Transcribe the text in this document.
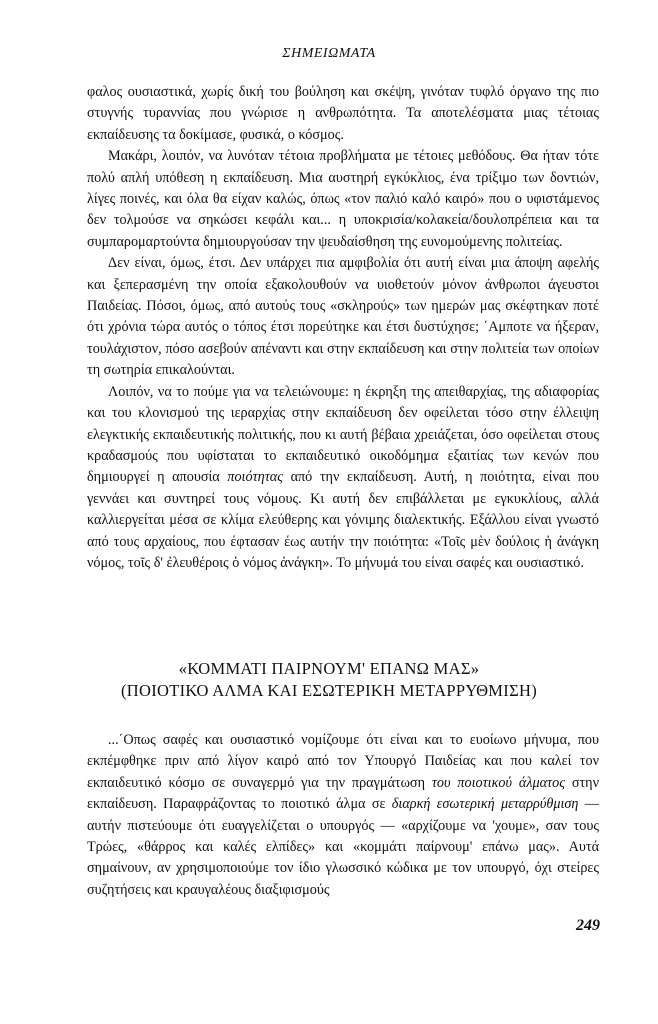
ΣΗΜΕΙΩΜΑΤΑ

φαλος ουσιαστικά, χωρίς δική του βούληση και σκέψη, γινόταν τυφλό όργανο της πιο στυγνής τυραννίας που γνώρισε η ανθρωπότητα. Τα αποτελέσματα μιας τέτοιας εκπαίδευσης τα δοκίμασε, φυσικά, ο κόσμος.

Μακάρι, λοιπόν, να λυνόταν τέτοια προβλήματα με τέτοιες μεθόδους. Θα ήταν τότε πολύ απλή υπόθεση η εκπαίδευση. Μια αυστηρή εγκύκλιος, ένα τρίξιμο των δοντιών, λίγες ποινές, και όλα θα είχαν καλώς, όπως «τον παλιό καλό καιρό» που ο υφιστάμενος δεν τολμούσε να σηκώσει κεφάλι και... η υποκρισία/κολακεία/δουλοπρέπεια και τα συμπαρομαρτούντα δημιουργούσαν την ψευδαίσθηση της ευνομούμενης πολιτείας.

Δεν είναι, όμως, έτσι. Δεν υπάρχει πια αμφιβολία ότι αυτή είναι μια άποψη αφελής και ξεπερασμένη την οποία εξακολουθούν να υιοθετούν μόνον άνθρωποι άγευστοι Παιδείας. Πόσοι, όμως, από αυτούς τους «σκληρούς» των ημερών μας σκέφτηκαν ποτέ ότι χρόνια τώρα αυτός ο τόπος έτσι πορεύτηκε και έτσι δυστύχησε; ΄Αμποτε να ήξεραν, τουλάχιστον, πόσο ασεβούν απέναντι και στην εκπαίδευση και στην πολιτεία των οποίων τη σωτηρία επικαλούνται.

Λοιπόν, να το πούμε για να τελειώνουμε: η έκρηξη της απειθαρχίας, της αδιαφορίας και του κλονισμού της ιεραρχίας στην εκπαίδευση δεν οφείλεται τόσο στην έλλειψη ελεγκτικής εκπαιδευτικής πολιτικής, που κι αυτή βέβαια χρειάζεται, όσο οφείλεται στους κραδασμούς που υφίσταται το εκπαιδευτικό οικοδόμημα εξαιτίας των κενών που δημιουργεί η απουσία ποιότητας από την εκπαίδευση. Αυτή, η ποιότητα, είναι που γεννάει και συντηρεί τους νόμους. Κι αυτή δεν επιβάλλεται με εγκυκλίους, αλλά καλλιεργείται μέσα σε κλίμα ελεύθερης και γόνιμης διαλεκτικής. Εξάλλου είναι γνωστό από τους αρχαίους, που έφτασαν έως αυτήν την ποιότητα: «Τοῖς μὲν δούλοις ἡ ἀνάγκη νόμος, τοῖς δ' ἐλευθέροις ὁ νόμος ἀνάγκη». Το μήνυμά του είναι σαφές και ουσιαστικό.

«ΚΟΜΜΑΤΙ ΠΑΙΡΝΟΥΜ' ΕΠΑΝΩ ΜΑΣ»
(ΠΟΙΟΤΙΚΟ ΑΛΜΑ ΚΑΙ ΕΣΩΤΕΡΙΚΗ ΜΕΤΑΡΡΥΘΜΙΣΗ)

...΄Οπως σαφές και ουσιαστικό νομίζουμε ότι είναι και το ευοίωνο μήνυμα, που εκπέμφθηκε πριν από λίγον καιρό από τον Υπουργό Παιδείας και που καλεί τον εκπαιδευτικό κόσμο σε συναγερμό για την πραγμάτωση του ποιοτικού άλματος στην εκπαίδευση. Παραφράζοντας το ποιοτικό άλμα σε διαρκή εσωτερική μεταρρύθμιση — αυτήν πιστεύουμε ότι ευαγγελίζεται ο υπουργός — «αρχίζουμε να 'χουμε», σαν τους Τρώες, «θάρρος και καλές ελπίδες» και «κομμάτι παίρνουμ' επάνω μας». Αυτά σημαίνουν, αν χρησιμοποιούμε τον ίδιο γλωσσικό κώδικα με τον υπουργό, όχι στείρες συζητήσεις και κραυγαλέους διαξιφισμούς

249
